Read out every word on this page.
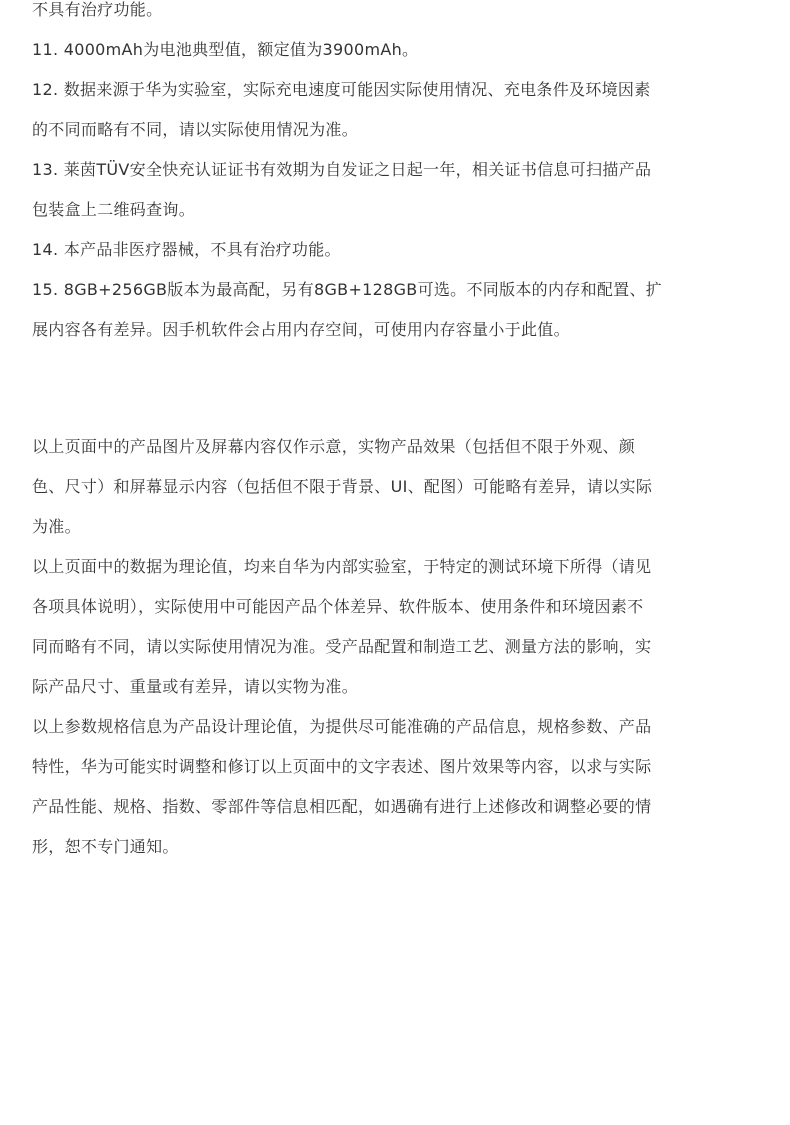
不具有治疗功能。
11. 4000mAh为电池典型值，额定值为3900mAh。
12. 数据来源于华为实验室，实际充电速度可能因实际使用情况、充电条件及环境因素
的不同而略有不同，请以实际使用情况为准。
13. 莱茵TÜV安全快充认证证书有效期为自发证之日起一年，相关证书信息可扫描产品
包装盒上二维码查询。
14. 本产品非医疗器械，不具有治疗功能。
15. 8GB+256GB版本为最高配，另有8GB+128GB可选。不同版本的内存和配置、扩
展内容各有差异。因手机软件会占用内存空间，可使用内存容量小于此值。
以上页面中的产品图片及屏幕内容仅作示意，实物产品效果（包括但不限于外观、颜
色、尺寸）和屏幕显示内容（包括但不限于背景、UI、配图）可能略有差异，请以实际
为准。
以上页面中的数据为理论值，均来自华为内部实验室，于特定的测试环境下所得（请见
各项具体说明），实际使用中可能因产品个体差异、软件版本、使用条件和环境因素不
同而略有不同，请以实际使用情况为准。受产品配置和制造工艺、测量方法的影响，实
际产品尺寸、重量或有差异，请以实物为准。
以上参数规格信息为产品设计理论值，为提供尽可能准确的产品信息，规格参数、产品
特性，华为可能实时调整和修订以上页面中的文字表述、图片效果等内容，以求与实际
产品性能、规格、指数、零部件等信息相匹配，如遇确有进行上述修改和调整必要的情
形，恕不专门通知。
